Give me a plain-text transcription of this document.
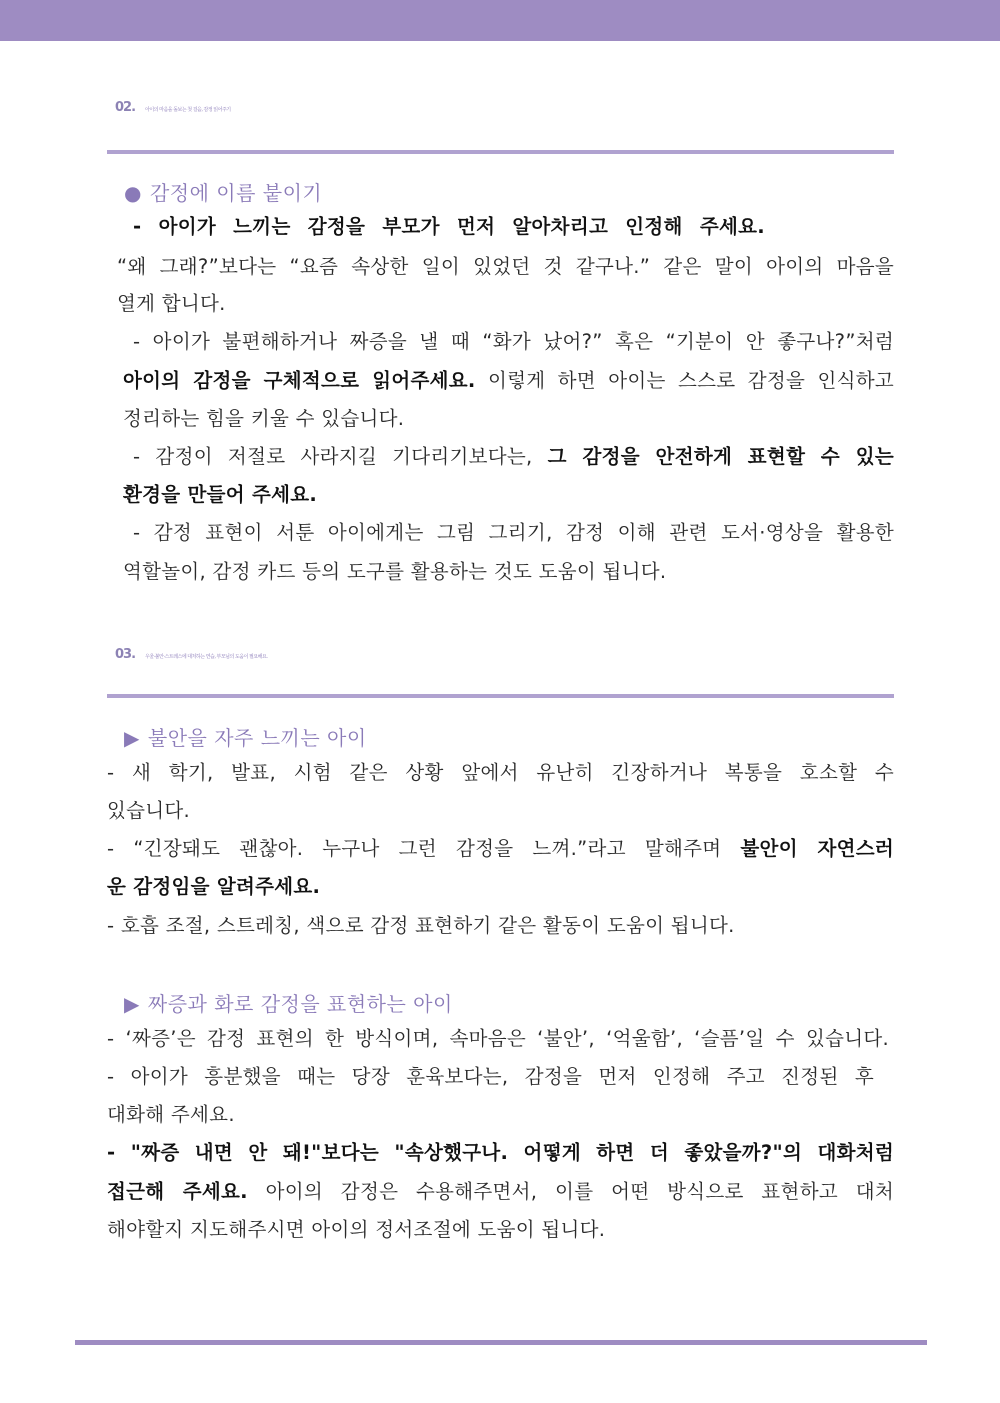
02. 아이의 마음을 돌보는 첫 걸음, 감정 읽어주기
● 감정에 이름 붙이기
- 아이가 느끼는 감정을 부모가 먼저 알아차리고 인정해 주세요.
“왜 그래?”보다는 “요즘 속상한 일이 있었던 것 같구나.” 같은 말이 아이의 마음을
열게 합니다.
- 아이가 불편해하거나 짜증을 낼 때 “화가 났어?” 혹은 “기분이 안 좋구나?”처럼
아이의 감정을 구체적으로 읽어주세요. 이렇게 하면 아이는 스스로 감정을 인식하고
정리하는 힘을 키울 수 있습니다.
- 감정이 저절로 사라지길 기다리기보다는, 그 감정을 안전하게 표현할 수 있는
환경을 만들어 주세요.
- 감정 표현이 서툰 아이에게는 그림 그리기, 감정 이해 관련 도서·영상을 활용한
역할놀이, 감정 카드 등의 도구를 활용하는 것도 도움이 됩니다.
03. 우울·불안·스트레스에 대처하는 연습, 부모님의 도움이 필요해요.
▶ 불안을 자주 느끼는 아이
- 새 학기, 발표, 시험 같은 상황 앞에서 유난히 긴장하거나 복통을 호소할 수
있습니다.
- “긴장돼도 괜찮아. 누구나 그런 감정을 느껴.”라고 말해주며 불안이 자연스러
운 감정임을 알려주세요.
- 호흡 조절, 스트레칭, 색으로 감정 표현하기 같은 활동이 도움이 됩니다.
▶ 짜증과 화로 감정을 표현하는 아이
- ‘짜증’은 감정 표현의 한 방식이며, 속마음은 ‘불안’, ‘억울함’, ‘슬픔’일 수 있습니다.
- 아이가 흥분했을 때는 당장 훈육보다는, 감정을 먼저 인정해 주고 진정된 후
대화해 주세요.
- "짜증 내면 안 돼!"보다는 "속상했구나. 어떻게 하면 더 좋았을까?"의 대화처럼
접근해 주세요. 아이의 감정은 수용해주면서, 이를 어떤 방식으로 표현하고 대처
해야할지 지도해주시면 아이의 정서조절에 도움이 됩니다.
